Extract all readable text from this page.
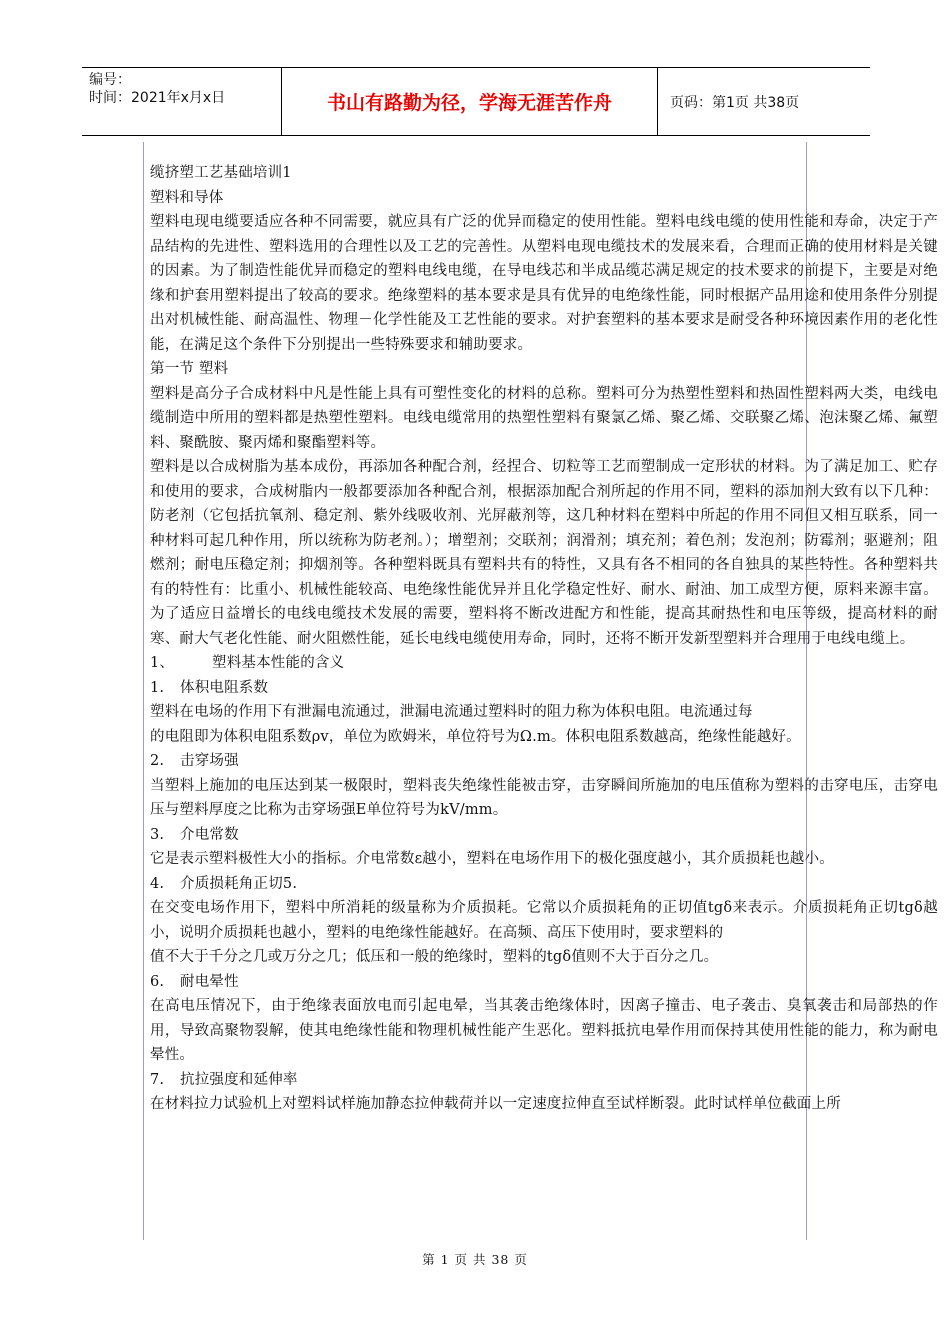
编号：
时间：2021年x月x日	书山有路勤为径，学海无涯苦作舟	页码：第1页 共38页

缆挤塑工艺基础培训1

塑料和导体

塑料电现电缆要适应各种不同需要，就应具有广泛的优异而稳定的使用性能。塑料电线电缆的使用性能和寿命，决定于产品结构的先进性、塑料选用的合理性以及工艺的完善性。从塑料电现电缆技术的发展来看，合理而正确的使用材料是关键的因素。为了制造性能优异而稳定的塑料电线电缆，在导电线芯和半成品缆芯满足规定的技术要求的前提下，主要是对绝缘和护套用塑料提出了较高的要求。绝缘塑料的基本要求是具有优异的电绝缘性能，同时根据产品用途和使用条件分别提出对机械性能、耐高温性、物理－化学性能及工艺性能的要求。对护套塑料的基本要求是耐受各种环境因素作用的老化性能，在满足这个条件下分别提出一些特殊要求和辅助要求。

第一节 塑料

塑料是高分子合成材料中凡是性能上具有可塑性变化的材料的总称。塑料可分为热塑性塑料和热固性塑料两大类，电线电缆制造中所用的塑料都是热塑性塑料。电线电缆常用的热塑性塑料有聚氯乙烯、聚乙烯、交联聚乙烯、泡沫聚乙烯、氟塑料、聚酰胺、聚丙烯和聚酯塑料等。

塑料是以合成树脂为基本成份，再添加各种配合剂，经捏合、切粒等工艺而塑制成一定形状的材料。为了满足加工、贮存和使用的要求，合成树脂内一般都要添加各种配合剂，根据添加配合剂所起的作用不同，塑料的添加剂大致有以下几种：防老剂（它包括抗氧剂、稳定剂、紫外线吸收剂、光屏蔽剂等，这几种材料在塑料中所起的作用不同但又相互联系，同一种材料可起几种作用，所以统称为防老剂。）；增塑剂；交联剂；润滑剂；填充剂；着色剂；发泡剂；防霉剂；驱避剂；阻燃剂；耐电压稳定剂；抑烟剂等。各种塑料既具有塑料共有的特性，又具有各不相同的各自独具的某些特性。各种塑料共有的特性有：比重小、机械性能较高、电绝缘性能优异并且化学稳定性好、耐水、耐油、加工成型方便，原料来源丰富。为了适应日益增长的电线电缆技术发展的需要，塑料将不断改进配方和性能，提高其耐热性和电压等级，提高材料的耐寒、耐大气老化性能、耐火阻燃性能，延长电线电缆使用寿命，同时，还将不断开发新型塑料并合理用于电线电缆上。

1、	塑料基本性能的含义

1. 体积电阻系数

塑料在电场的作用下有泄漏电流通过，泄漏电流通过塑料时的阻力称为体积电阻。电流通过每

的电阻即为体积电阻系数ρv，单位为欧姆米，单位符号为Ω.m。体积电阻系数越高，绝缘性能越好。

2. 击穿场强

当塑料上施加的电压达到某一极限时，塑料丧失绝缘性能被击穿，击穿瞬间所施加的电压值称为塑料的击穿电压，击穿电压与塑料厚度之比称为击穿场强E单位符号为kV/mm。

3. 介电常数

它是表示塑料极性大小的指标。介电常数ε越小，塑料在电场作用下的极化强度越小，其介质损耗也越小。

4. 介质损耗角正切5.

在交变电场作用下，塑料中所消耗的级量称为介质损耗。它常以介质损耗角的正切值tgδ来表示。介质损耗角正切tgδ越小，说明介质损耗也越小，塑料的电绝缘性能越好。在高频、高压下使用时，要求塑料的

值不大于千分之几或万分之几；低压和一般的绝缘时，塑料的tgδ值则不大于百分之几。

6. 耐电晕性

在高电压情况下，由于绝缘表面放电而引起电晕，当其袭击绝缘体时，因离子撞击、电子袭击、臭氧袭击和局部热的作用，导致高聚物裂解，使其电绝缘性能和物理机械性能产生恶化。塑料抵抗电晕作用而保持其使用性能的能力，称为耐电晕性。

7. 抗拉强度和延伸率

在材料拉力试验机上对塑料试样施加静态拉伸载荷并以一定速度拉伸直至试样断裂。此时试样单位截面上所

第 1 页 共 38 页
